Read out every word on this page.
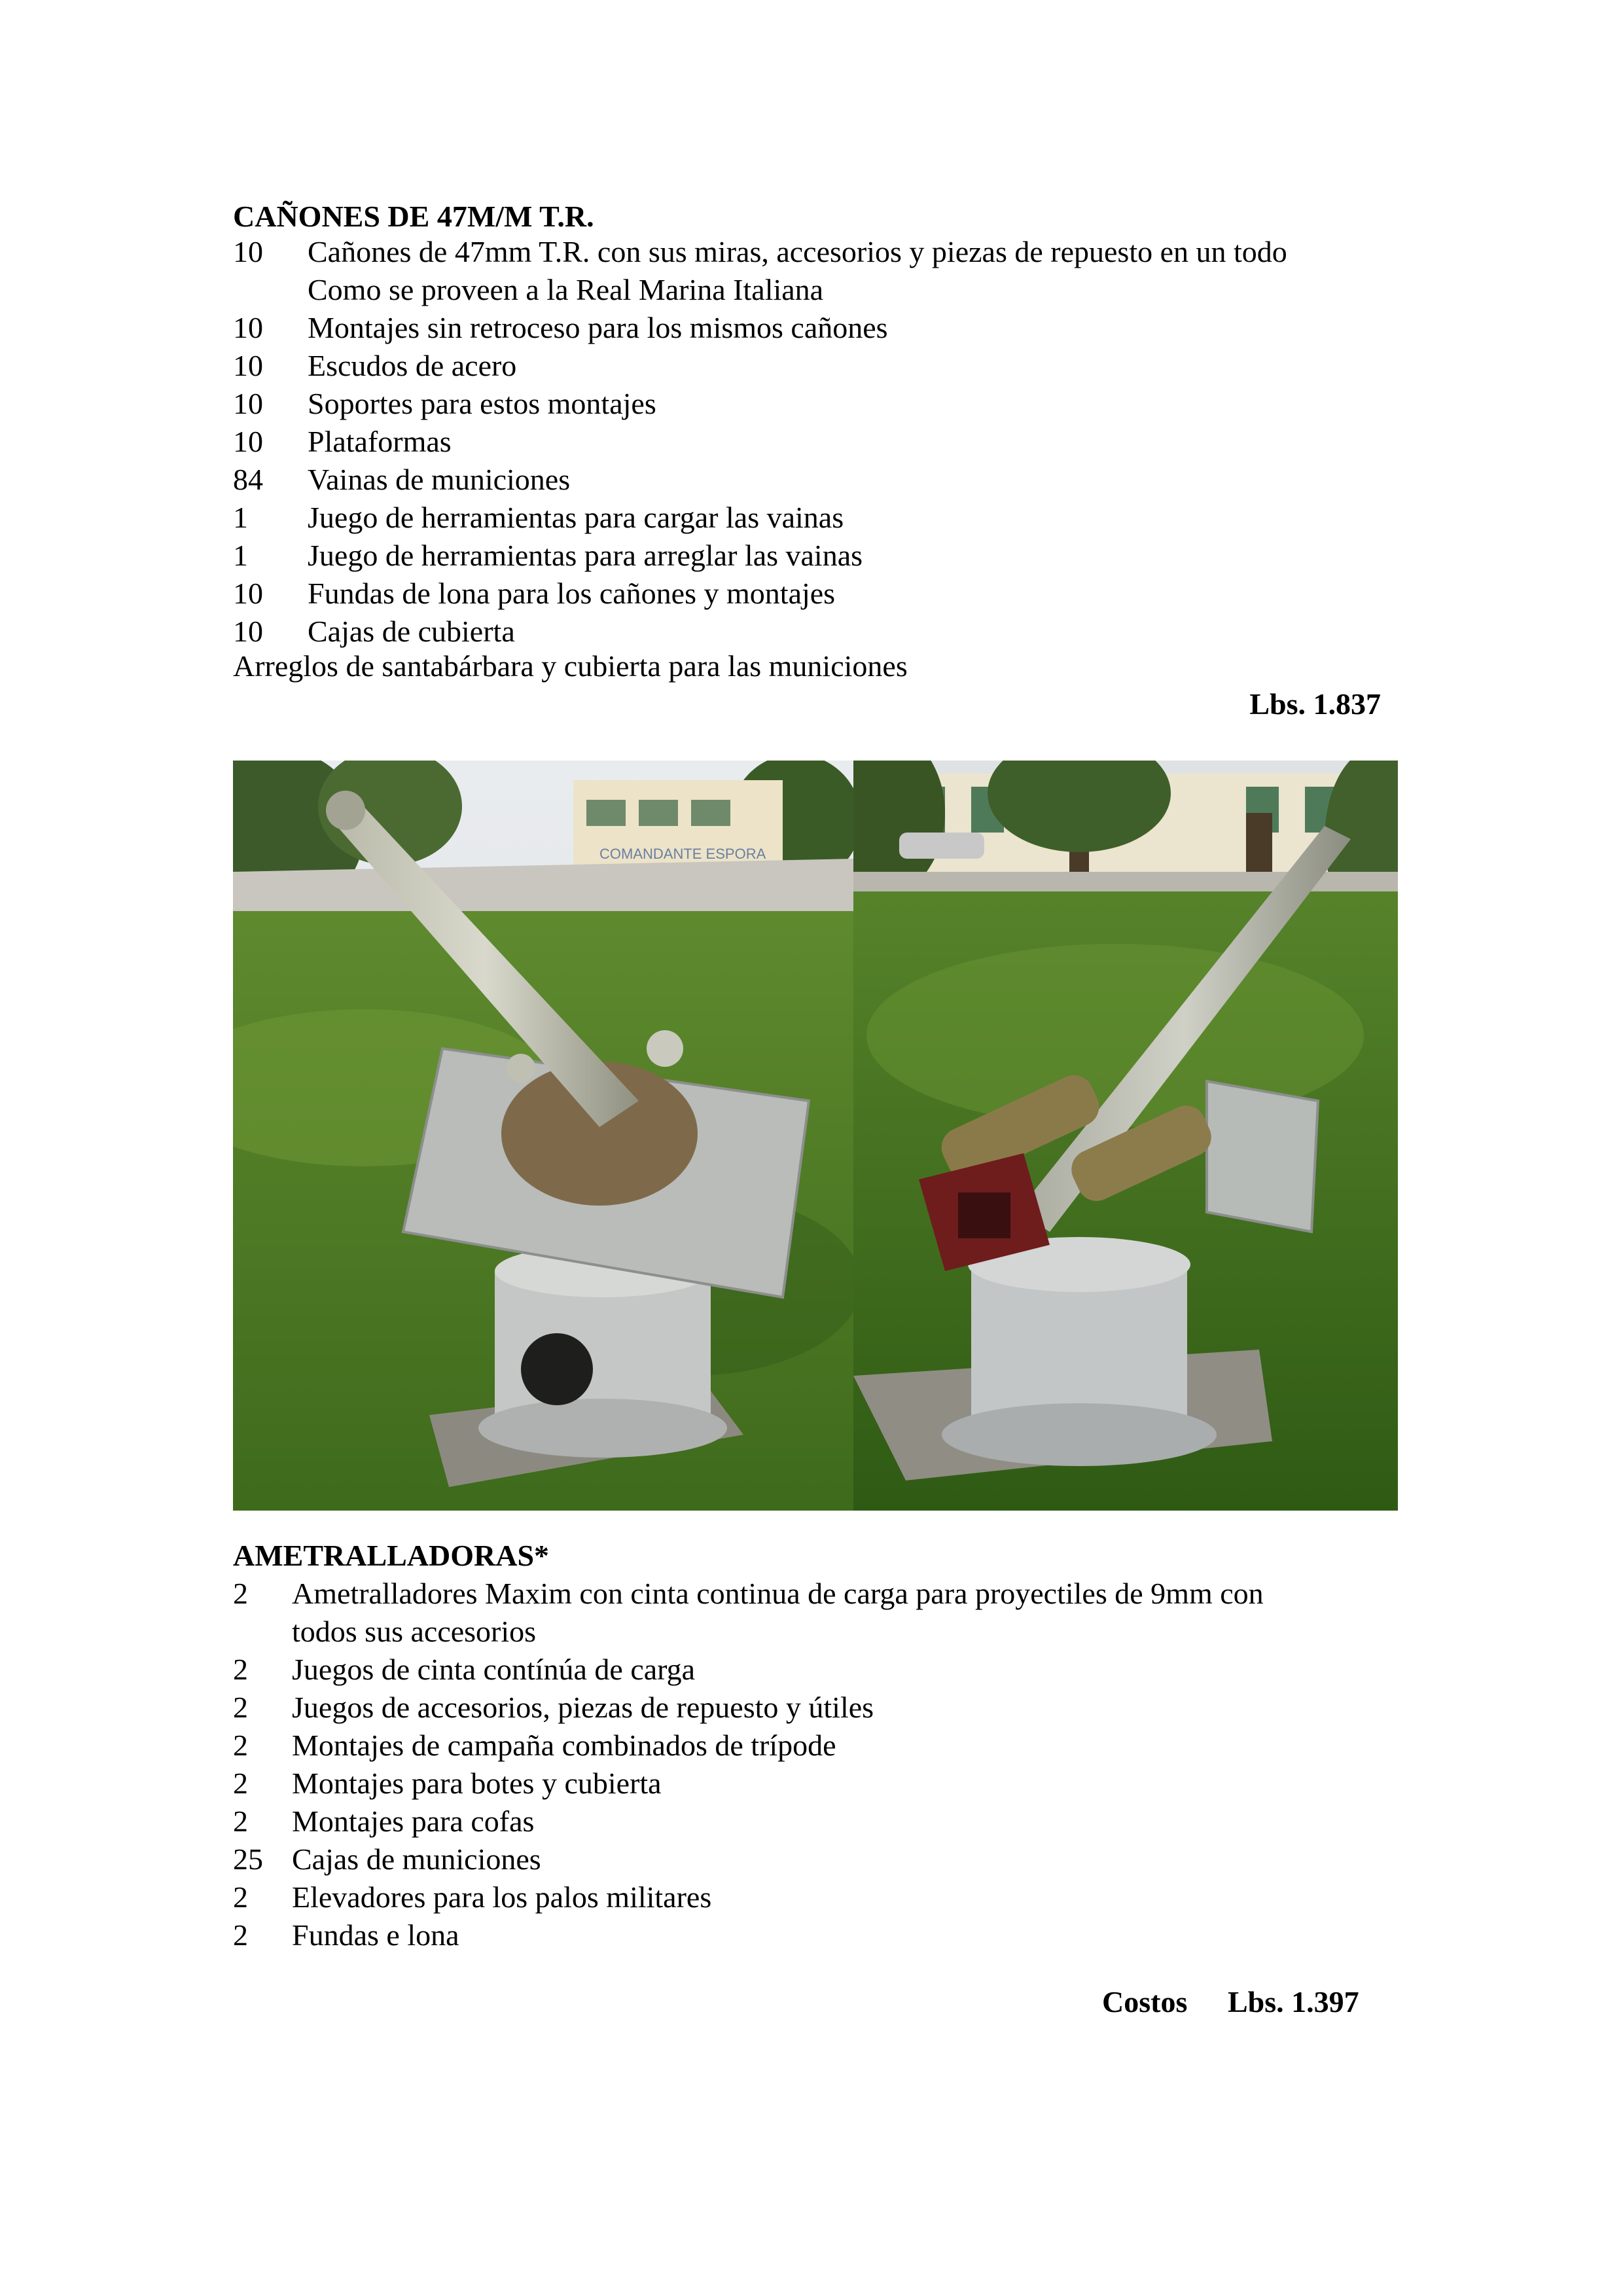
CAÑONES DE 47M/M T.R.
10 Cañones de 47mm T.R. con sus miras, accesorios y piezas de repuesto en un todo
Como se proveen a la Real Marina Italiana
10 Montajes sin retroceso para los mismos cañones
10 Escudos de acero
10 Soportes para estos montajes
10 Plataformas
84 Vainas de municiones
1 Juego de herramientas para cargar las vainas
1 Juego de herramientas para arreglar las vainas
10 Fundas de lona para los cañones y montajes
10 Cajas de cubierta
Arreglos de santabárbara y cubierta para las municiones
Lbs. 1.837
COMANDANTE ESPORA
AMETRALLADORAS*
2 Ametralladores Maxim con cinta continua de carga para proyectiles de 9mm con
todos sus accesorios
2 Juegos de cinta contínúa de carga
2 Juegos de accesorios, piezas de repuesto y útiles
2 Montajes de campaña combinados de trípode
2 Montajes para botes y cubierta
2 Montajes para cofas
25 Cajas de municiones
2 Elevadores para los palos militares
2 Fundas e lona
Costos Lbs. 1.397
